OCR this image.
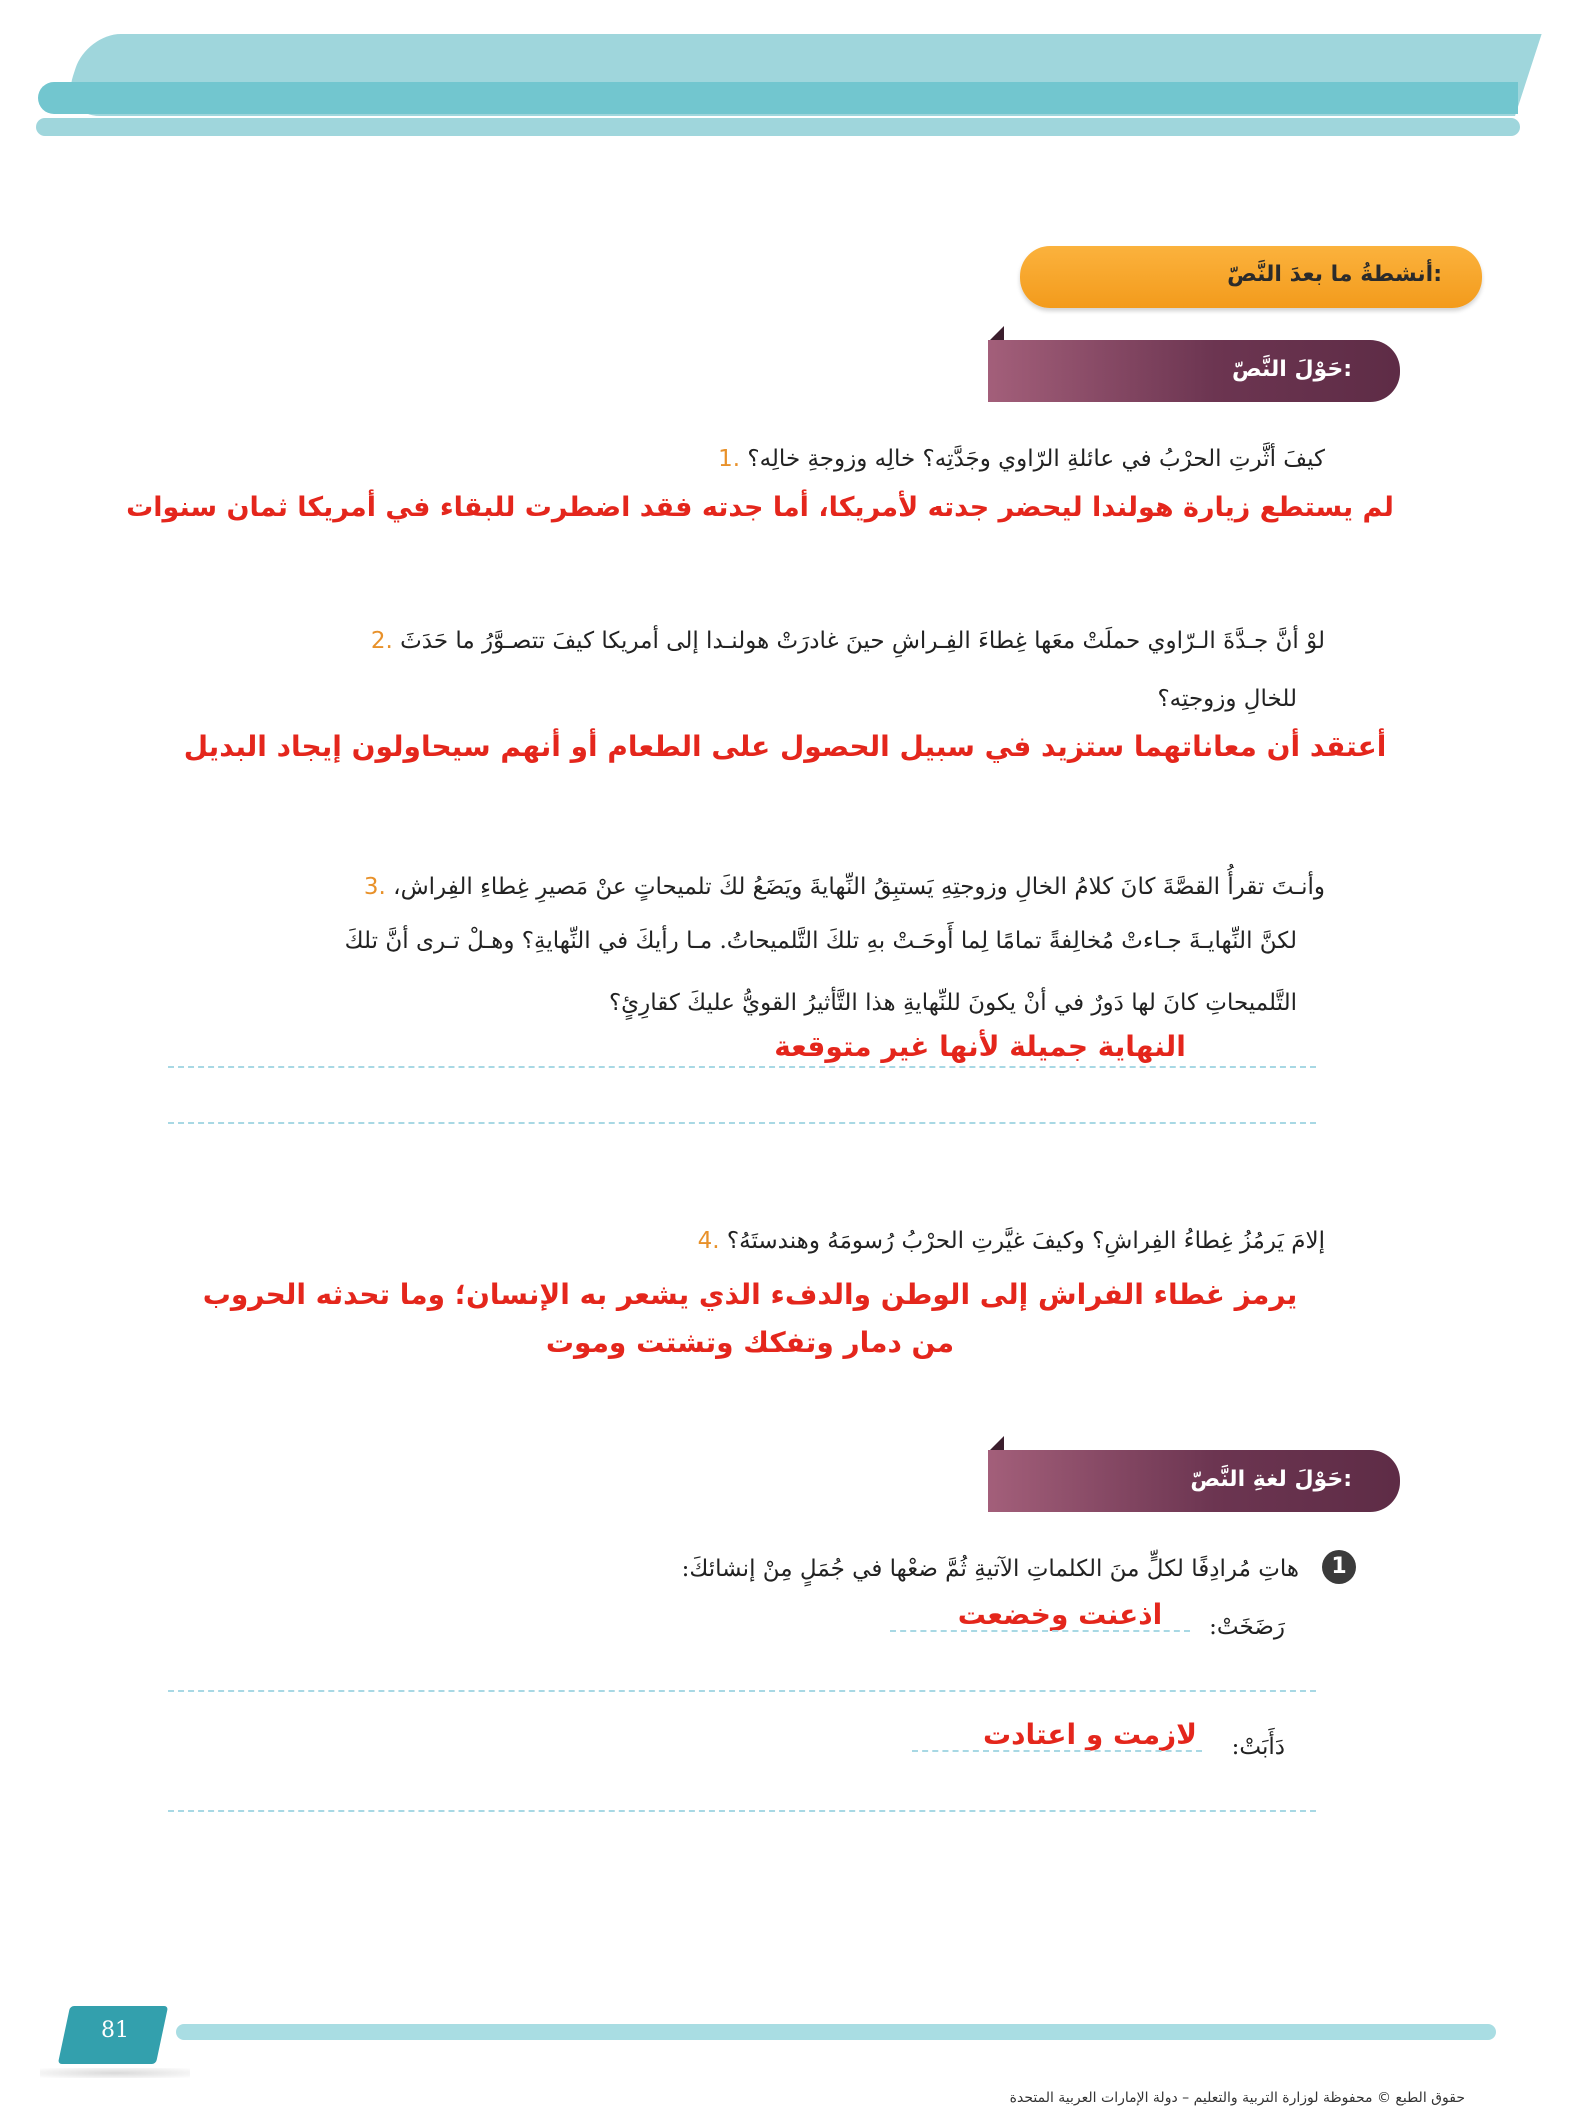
أنشطةُ ما بعدَ النَّصّ:
حَوْلَ النَّصّ:
كيفَ أثَّرتِ الحرْبُ في عائلةِ الرّاوي وجَدَّتِه؟ خالِه وزوجةِ خالِه؟ .1
لم يستطع زيارة هولندا ليحضر جدته لأمريكا، أما جدته فقد اضطرت للبقاء في أمريكا ثمان سنوات
لوْ أنَّ جـدَّةَ الـرّاوي حملَتْ معَها غِطاءَ الفِـراشِ حينَ غادرَتْ هولنـدا إلى أمريكا كيفَ تتصـوَّرُ ما حَدَثَ .2
للخالِ وزوجتِه؟
أعتقد أن معاناتهما ستزيد في سبيل الحصول على الطعام أو أنهم سيحاولون إيجاد البديل
وأنـتَ تقرأُ القصَّةَ كانَ كلامُ الخالِ وزوجتِهِ يَستبِقُ النِّهايةَ ويَضَعُ لكَ تلميحاتٍ عنْ مَصيرِ غِطاءِ الفِراش، .3
لكنَّ النِّهايـةَ جـاءتْ مُخالِفةً تمامًا لِما أَوحَـتْ بهِ تلكَ التَّلميحاتُ. مـا رأيكَ في النِّهايةِ؟ وهـلْ تـرى أنَّ تلكَ
التَّلميحاتِ كانَ لها دَورٌ في أنْ يكونَ للنِّهايةِ هذا التَّأثيرُ القويُّ عليكَ كقارِئٍ؟
النهاية جميلة لأنها غير متوقعة
إلامَ يَرمُزُ غِطاءُ الفِراشِ؟ وكيفَ غيَّرتِ الحرْبُ رُسومَهُ وهندستَهُ؟ .4
يرمز غطاء الفراش إلى الوطن والدفء الذي يشعر به الإنسان؛ وما تحدثه الحروب
من دمار وتفكك وتشتت وموت
حَوْلَ لغةِ النَّصّ:
1
هاتِ مُرادِفًا لكلٍّ منَ الكلماتِ الآتيةِ ثُمَّ ضعْها في جُمَلٍ مِنْ إنشائكَ:
رَضَخَتْ:
اذعنت وخضعت
دَأَبَتْ:
لازمت و اعتادت
81
حقوق الطبع © محفوظة لوزارة التربية والتعليم – دولة الإمارات العربية المتحدة
